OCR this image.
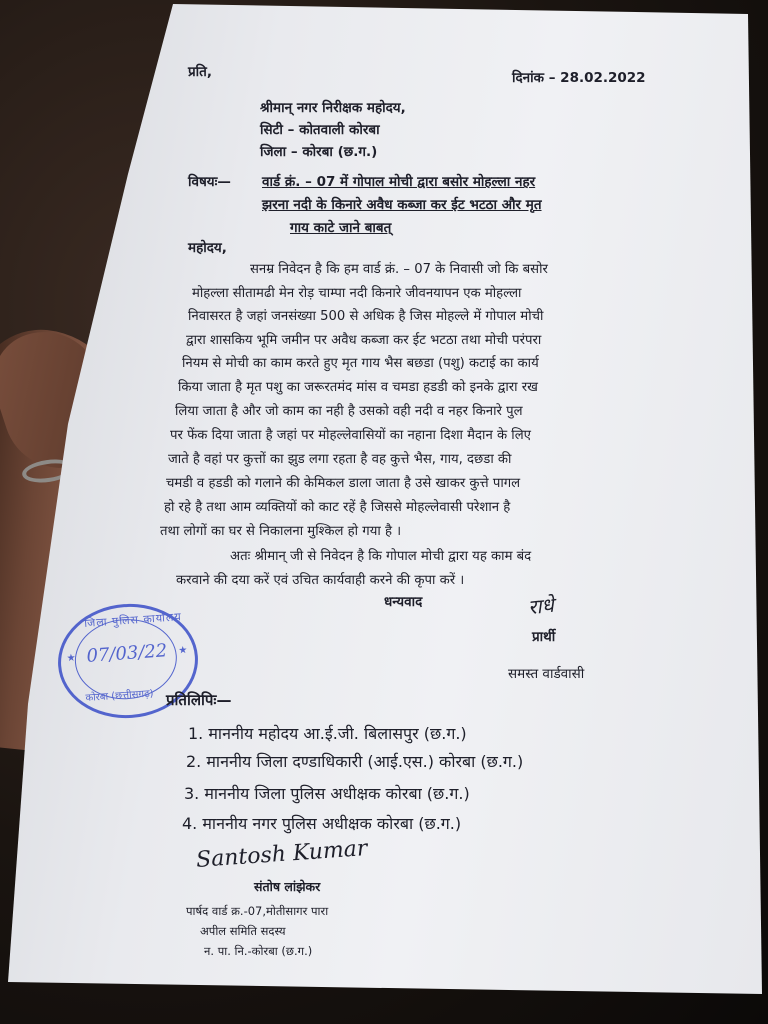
प्रति,	दिनांक – 28.02.2022
श्रीमान् नगर निरीक्षक महोदय,
सिटी – कोतवाली कोरबा
जिला – कोरबा (छ.ग.)
विषयः— वार्ड क्रं. – 07 में गोपाल मोची द्वारा बसोर मोहल्ला नहर
झरना नदी के किनारे अवैध कब्जा कर ईट भटठा और मृत
गाय काटे जाने बाबत्
महोदय,
सनम्र निवेदन है कि हम वार्ड क्रं. – 07 के निवासी जो कि बसोर
मोहल्ला सीतामढी मेन रोड़ चाम्पा नदी किनारे जीवनयापन एक मोहल्ला
निवासरत है जहां जनसंख्या 500 से अधिक है जिस मोहल्ले में गोपाल मोची
द्वारा शासकिय भूमि जमीन पर अवैध कब्जा कर ईट भटठा तथा मोची परंपरा
नियम से मोची का काम करते हुए मृत गाय भैस बछडा (पशु) कटाई का कार्य
किया जाता है मृत पशु का जरूरतमंद मांस व चमडा हडडी को इनके द्वारा रख
लिया जाता है और जो काम का नही है उसको वही नदी व नहर किनारे पुल
पर फेंक दिया जाता है जहां पर मोहल्लेवासियों का नहाना दिशा मैदान के लिए
जाते है वहां पर कुत्तों का झुड लगा रहता है वह कुत्ते भैस, गाय, दछडा की
चमडी व हडडी को गलाने की केमिकल डाला जाता है उसे खाकर कुत्ते पागल
हो रहे है तथा आम व्यक्तियों को काट रहें है जिससे मोहल्लेवासी परेशान है
तथा लोगों का घर से निकालना मुश्किल हो गया है ।
अतः श्रीमान् जी से निवेदन है कि गोपाल मोची द्वारा यह काम बंद
करवाने की दया करें एवं उचित कार्यवाही करने की कृपा करें ।
धन्यवाद	राधे
प्रार्थी
समस्त वार्डवासी
जिला पुलिस कार्यालय
★ 07/03/22 ★
कोरबा (छत्तीसगढ़) प्रतिलिपिः—
1. माननीय महोदय आ.ई.जी. बिलासपुर (छ.ग.)
2. माननीय जिला दण्डाधिकारी (आई.एस.) कोरबा (छ.ग.)
3. माननीय जिला पुलिस अधीक्षक कोरबा (छ.ग.)
4. माननीय नगर पुलिस अधीक्षक कोरबा (छ.ग.)
Santosh Kumar
संतोष लांझेकर
पार्षद वार्ड क्र.-07,मोतीसागर पारा
अपील समिति सदस्य
न. पा. नि.-कोरबा (छ.ग.)
